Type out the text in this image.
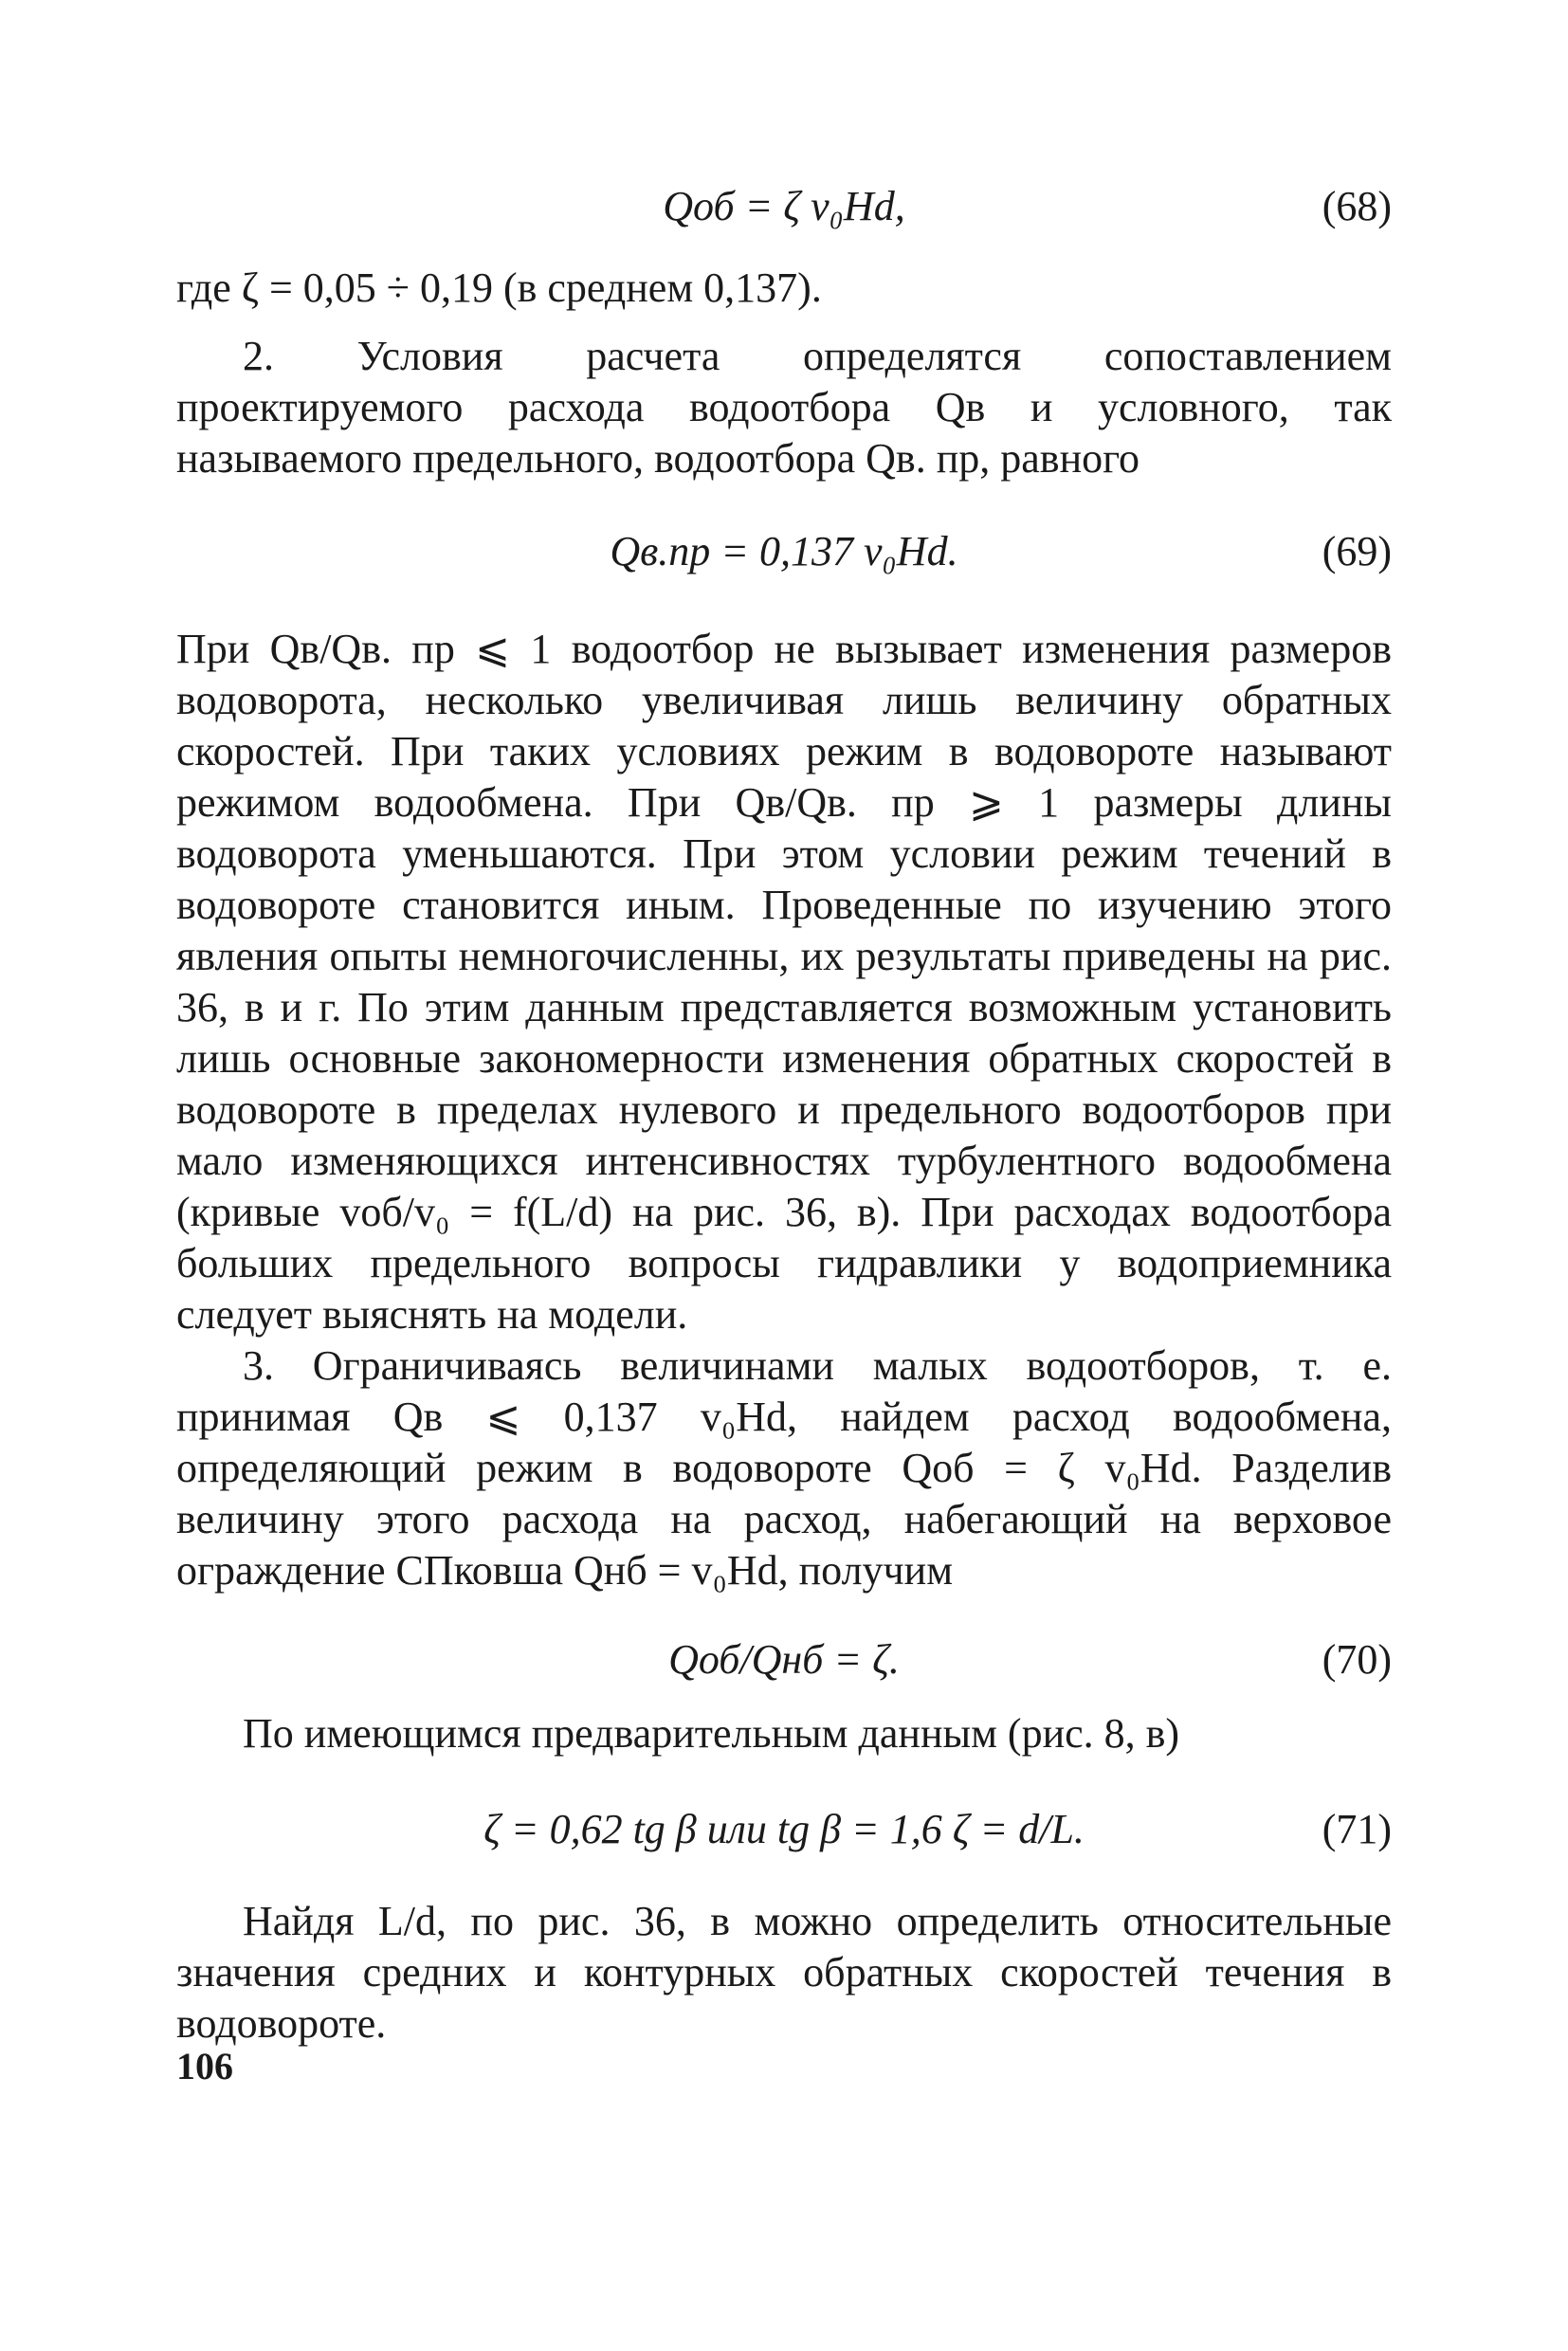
Qоб = ζ v₀Hd,	(68)

где ζ = 0,05 ÷ 0,19 (в среднем 0,137).

2. Условия расчета определятся сопоставлением проектируемого расхода водоотбора Qв и условного, так называемого предельного, водоотбора Qв. пр, равного

Qв.пр = 0,137 v₀Hd.	(69)

При Qв/Qв. пр ⩽ 1 водоотбор не вызывает изменения размеров водоворота, несколько увеличивая лишь величину обратных скоростей. При таких условиях режим в водовороте называют режимом водообмена. При Qв/Qв. пр ⩾ 1 размеры длины водоворота уменьшаются. При этом условии режим течений в водовороте становится иным. Проведенные по изучению этого явления опыты немногочисленны, их результаты приведены на рис. 36, в и г. По этим данным представляется возможным установить лишь основные закономерности изменения обратных скоростей в водовороте в пределах нулевого и предельного водоотборов при мало изменяющихся интенсивностях турбулентного водообмена (кривые vоб/v₀ = f(L/d) на рис. 36, в). При расходах водоотбора больших предельного вопросы гидравлики у водоприемника следует выяснять на модели.

3. Ограничиваясь величинами малых водоотборов, т. е. принимая Qв ⩽ 0,137 v₀Hd, найдем расход водообмена, определяющий режим в водовороте Qоб = ζ v₀Hd. Разделив величину этого расхода на расход, набегающий на верховое ограждение СПковша Qнб = v₀Hd, получим

Qоб/Qнб = ζ.	(70)

По имеющимся предварительным данным (рис. 8, в)

ζ = 0,62 tg β или tg β = 1,6 ζ = d/L.	(71)

Найдя L/d, по рис. 36, в можно определить относительные значения средних и контурных обратных скоростей течения в водовороте.

106
